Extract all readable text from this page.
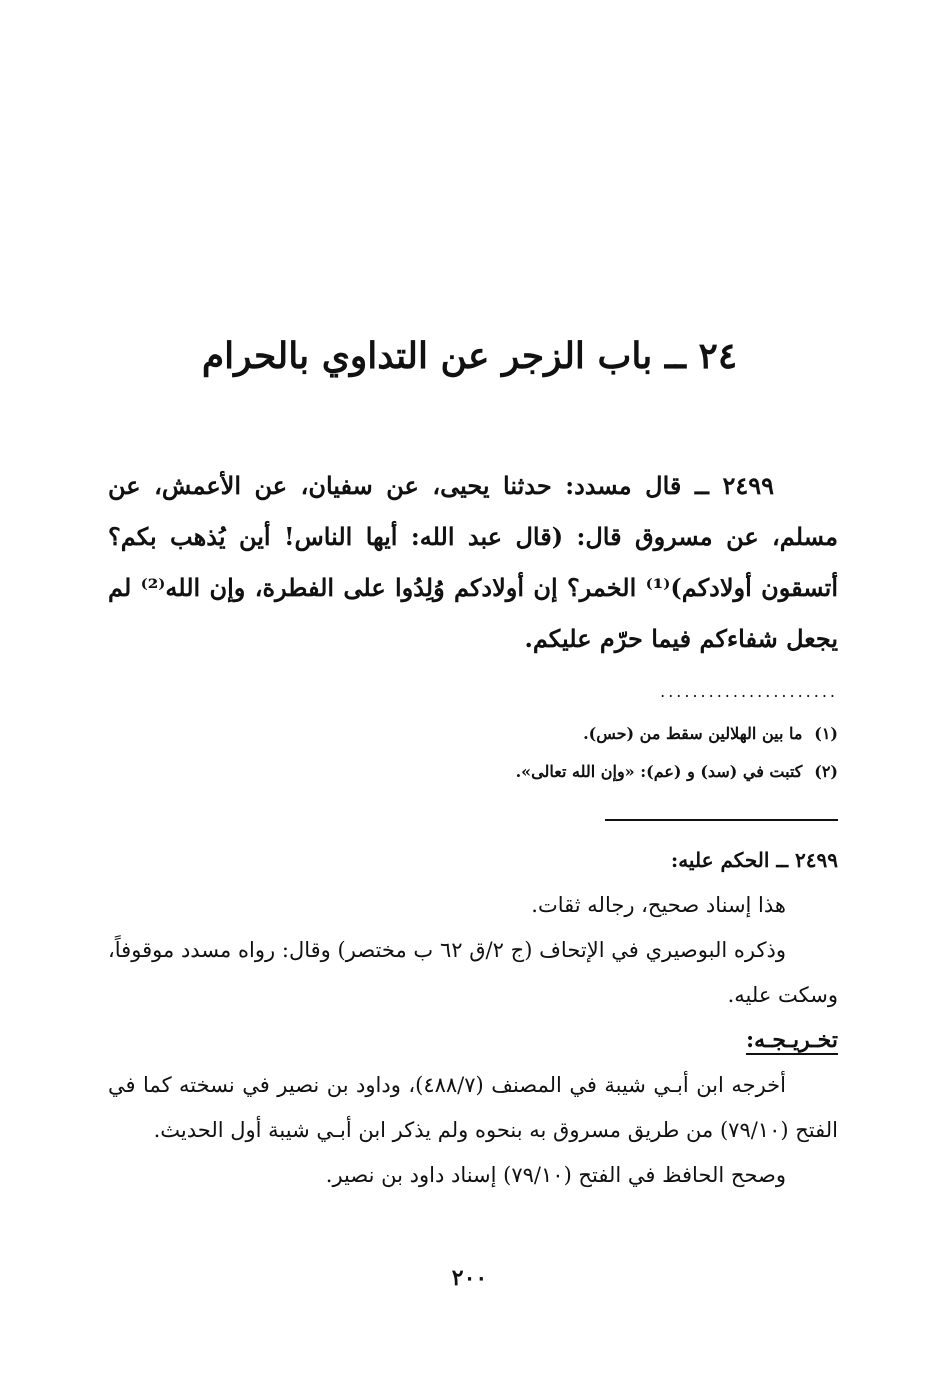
٢٤ ــ باب الزجر عن التداوي بالحرام

٢٤٩٩ ــ قال مسدد: حدثنا يحيى، عن سفيان، عن الأعمش، عن مسلم، عن مسروق قال: (قال عبد الله: أيها الناس! أين يُذهب بكم؟ أتسقون أولادكم)⁽¹⁾ الخمر؟ إن أولادكم وُلِدُوا على الفطرة، وإن الله⁽²⁾ لم يجعل شفاءكم فيما حرّم عليكم.

......................

(١) ما بين الهلالين سقط من (حس).

(٢) كتبت في (سد) و (عم): «وإن الله تعالى».

٢٤٩٩ ــ الحكم عليه:

هذا إسناد صحيح، رجاله ثقات.

وذكره البوصيري في الإتحاف (ج ٢/ق ٦٢ ب مختصر) وقال: رواه مسدد موقوفاً، وسكت عليه.

تخـريـجـه:

أخرجه ابن أبـي شيبة في المصنف (٤٨٨/٧)، وداود بن نصير في نسخته كما في الفتح (٧٩/١٠) من طريق مسروق به بنحوه ولم يذكر ابن أبـي شيبة أول الحديث.

وصحح الحافظ في الفتح (٧٩/١٠) إسناد داود بن نصير.

٢٠٠
